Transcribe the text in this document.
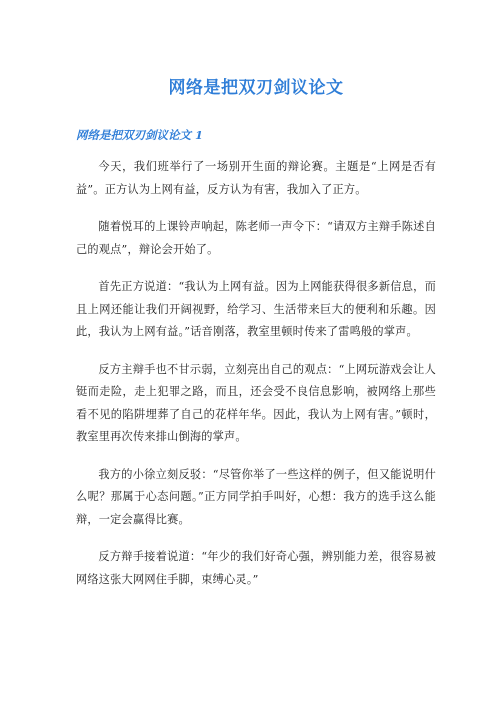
网络是把双刃剑议论文
网络是把双刃剑议论文 1

今天，我们班举行了一场别开生面的辩论赛。主题是“上网是否有益”。正方认为上网有益，反方认为有害，我加入了正方。

随着悦耳的上课铃声响起，陈老师一声令下：“请双方主辩手陈述自己的观点”，辩论会开始了。

首先正方说道：“我认为上网有益。因为上网能获得很多新信息，而且上网还能让我们开阔视野，给学习、生活带来巨大的便利和乐趣。因此，我认为上网有益。”话音刚落，教室里顿时传来了雷鸣般的掌声。

反方主辩手也不甘示弱，立刻亮出自己的观点：“上网玩游戏会让人铤而走险，走上犯罪之路，而且，还会受不良信息影响，被网络上那些看不见的陷阱埋葬了自己的花样年华。因此，我认为上网有害。”顿时，教室里再次传来排山倒海的掌声。

我方的小徐立刻反驳：“尽管你举了一些这样的例子，但又能说明什么呢？那属于心态问题。”正方同学拍手叫好，心想：我方的选手这么能辩，一定会赢得比赛。

反方辩手接着说道：“年少的我们好奇心强，辨别能力差，很容易被网络这张大网网住手脚，束缚心灵。”
